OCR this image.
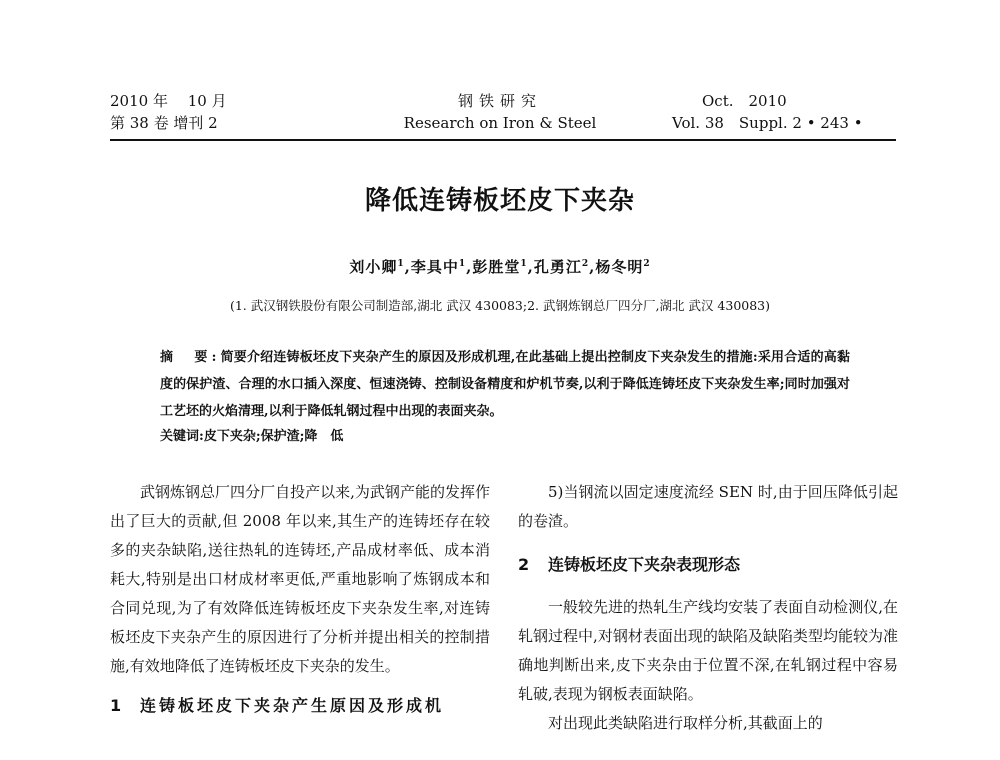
2010 年　 10 月
第 38 卷 增刊 2
钢铁研究
Research on Iron & Steel
Oct.　2010
Vol. 38　Suppl. 2 • 243 •
降低连铸板坯皮下夹杂
刘小卿$^1$,李具中$^1$,彭胜堂$^1$,孔勇江$^2$,杨冬明$^2$
(1. 武汉钢铁股份有限公司制造部,湖北 武汉 430083;2. 武钢炼钢总厂四分厂,湖北 武汉 430083)
摘　要:简要介绍连铸板坯皮下夹杂产生的原因及形成机理,在此基础上提出控制皮下夹杂发生的措施:采用合适的高黏度的保护渣、合理的水口插入深度、恒速浇铸、控制设备精度和炉机节奏,以利于降低连铸坯皮下夹杂发生率;同时加强对工艺坯的火焰清理,以利于降低轧钢过程中出现的表面夹杂。
关键词:皮下夹杂;保护渣;降　低

武钢炼钢总厂四分厂自投产以来,为武钢产能的发挥作出了巨大的贡献,但 2008 年以来,其生产的连铸坯存在较多的夹杂缺陷,送往热轧的连铸坯,产品成材率低、成本消耗大,特别是出口材成材率更低,严重地影响了炼钢成本和合同兑现,为了有效降低连铸板坯皮下夹杂发生率,对连铸板坯皮下夹杂产生的原因进行了分析并提出相关的控制措施,有效地降低了连铸板坯皮下夹杂的发生。

1 连铸板坯皮下夹杂产生原因及形成机

5)当钢流以固定速度流经 SEN 时,由于回压降低引起的卷渣。

2 连铸板坯皮下夹杂表现形态

一般较先进的热轧生产线均安装了表面自动检测仪,在轧钢过程中,对钢材表面出现的缺陷及缺陷类型均能较为准确地判断出来,皮下夹杂由于位置不深,在轧钢过程中容易轧破,表现为钢板表面缺陷。

对出现此类缺陷进行取样分析,其截面上的
